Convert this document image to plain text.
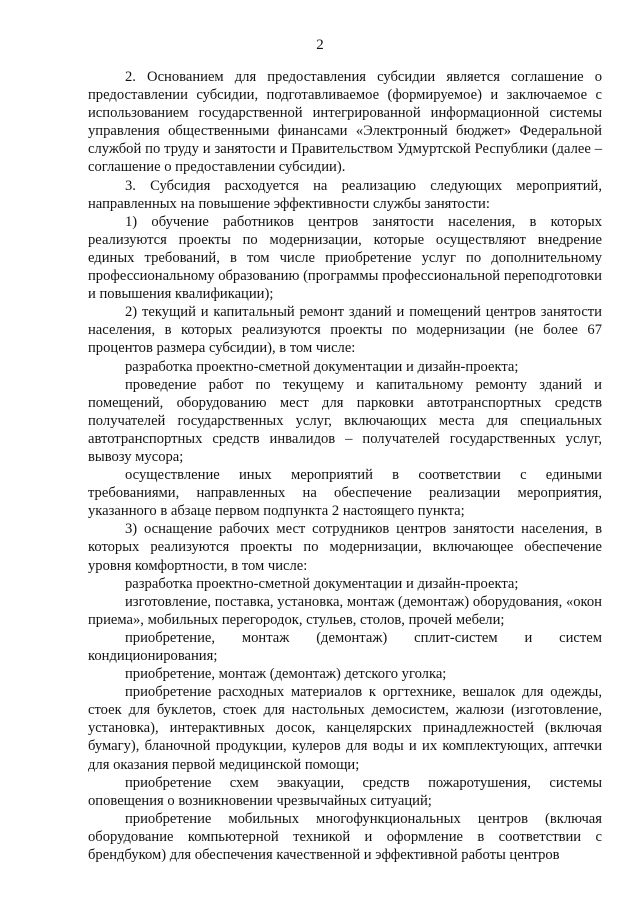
2

2. Основанием для предоставления субсидии является соглашение о предоставлении субсидии, подготавливаемое (формируемое) и заключаемое с использованием государственной интегрированной информационной системы управления общественными финансами «Электронный бюджет» Федеральной службой по труду и занятости и Правительством Удмуртской Республики (далее – соглашение о предоставлении субсидии).

3. Субсидия расходуется на реализацию следующих мероприятий, направленных на повышение эффективности службы занятости:

1) обучение работников центров занятости населения, в которых реализуются проекты по модернизации, которые осуществляют внедрение единых требований, в том числе приобретение услуг по дополнительному профессиональному образованию (программы профессиональной переподготовки и повышения квалификации);

2) текущий и капитальный ремонт зданий и помещений центров занятости населения, в которых реализуются проекты по модернизации (не более 67 процентов размера субсидии), в том числе:

разработка проектно-сметной документации и дизайн-проекта;

проведение работ по текущему и капитальному ремонту зданий и помещений, оборудованию мест для парковки автотранспортных средств получателей государственных услуг, включающих места для специальных автотранспортных средств инвалидов – получателей государственных услуг, вывозу мусора;

осуществление иных мероприятий в соответствии с едиными требованиями, направленных на обеспечение реализации мероприятия, указанного в абзаце первом подпункта 2 настоящего пункта;

3) оснащение рабочих мест сотрудников центров занятости населения, в которых реализуются проекты по модернизации, включающее обеспечение уровня комфортности, в том числе:

разработка проектно-сметной документации и дизайн-проекта;

изготовление, поставка, установка, монтаж (демонтаж) оборудования, «окон приема», мобильных перегородок, стульев, столов, прочей мебели;

приобретение, монтаж (демонтаж) сплит-систем и систем кондиционирования;

приобретение, монтаж (демонтаж) детского уголка;

приобретение расходных материалов к оргтехнике, вешалок для одежды, стоек для буклетов, стоек для настольных демосистем, жалюзи (изготовление, установка), интерактивных досок, канцелярских принадлежностей (включая бумагу), бланочной продукции, кулеров для воды и их комплектующих, аптечки для оказания первой медицинской помощи;

приобретение схем эвакуации, средств пожаротушения, системы оповещения о возникновении чрезвычайных ситуаций;

приобретение мобильных многофункциональных центров (включая оборудование компьютерной техникой и оформление в соответствии с брендбуком) для обеспечения качественной и эффективной работы центров
